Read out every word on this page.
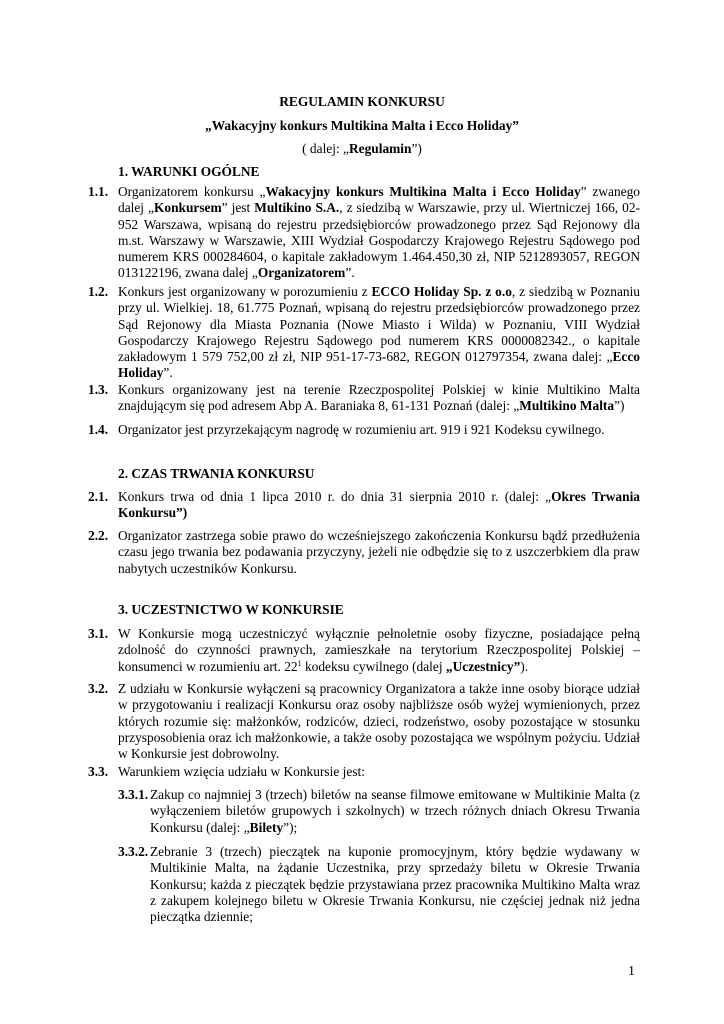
REGULAMIN KONKURSU
„Wakacyjny konkurs Multikina Malta i Ecco Holiday”
( dalej: „Regulamin”)
1. WARUNKI OGÓLNE
1.1. Organizatorem konkursu „Wakacyjny konkurs Multikina Malta i Ecco Holiday” zwanego dalej „Konkursem” jest Multikino S.A., z siedzibą w Warszawie, przy ul. Wiertniczej 166, 02-952 Warszawa, wpisaną do rejestru przedsiębiorców prowadzonego przez Sąd Rejonowy dla m.st. Warszawy w Warszawie, XIII Wydział Gospodarczy Krajowego Rejestru Sądowego pod numerem KRS 000284604, o kapitale zakładowym 1.464.450,30 zł, NIP 5212893057, REGON 013122196, zwana dalej „Organizatorem”.
1.2. Konkurs jest organizowany w porozumieniu z ECCO Holiday Sp. z o.o, z siedzibą w Poznaniu przy ul. Wielkiej. 18, 61.775 Poznań, wpisaną do rejestru przedsiębiorców prowadzonego przez Sąd Rejonowy dla Miasta Poznania (Nowe Miasto i Wilda) w Poznaniu, VIII Wydział Gospodarczy Krajowego Rejestru Sądowego pod numerem KRS 0000082342., o kapitale zakładowym 1 579 752,00 zł zł, NIP 951-17-73-682, REGON 012797354, zwana dalej: „Ecco Holiday”.
1.3. Konkurs organizowany jest na terenie Rzeczpospolitej Polskiej w kinie Multikino Malta znajdującym się pod adresem Abp A. Baraniaka 8, 61-131 Poznań (dalej: „Multikino Malta”)
1.4. Organizator jest przyrzekającym nagrodę w rozumieniu art. 919 i 921 Kodeksu cywilnego.
2. CZAS TRWANIA KONKURSU
2.1. Konkurs trwa od dnia 1 lipca 2010 r. do dnia 31 sierpnia 2010 r. (dalej: „Okres Trwania Konkursu”)
2.2. Organizator zastrzega sobie prawo do wcześniejszego zakończenia Konkursu bądź przedłużenia czasu jego trwania bez podawania przyczyny, jeżeli nie odbędzie się to z uszczerbkiem dla praw nabytych uczestników Konkursu.
3. UCZESTNICTWO W KONKURSIE
3.1. W Konkursie mogą uczestniczyć wyłącznie pełnoletnie osoby fizyczne, posiadające pełną zdolność do czynności prawnych, zamieszkałe na terytorium Rzeczpospolitej Polskiej – konsumenci w rozumieniu art. $22^1$ kodeksu cywilnego (dalej „Uczestnicy”).
3.2. Z udziału w Konkursie wyłączeni są pracownicy Organizatora a także inne osoby biorące udział w przygotowaniu i realizacji Konkursu oraz osoby najbliższe osób wyżej wymienionych, przez których rozumie się: małżonków, rodziców, dzieci, rodzeństwo, osoby pozostające w stosunku przysposobienia oraz ich małżonkowie, a także osoby pozostająca we wspólnym pożyciu. Udział w Konkursie jest dobrowolny.
3.3. Warunkiem wzięcia udziału w Konkursie jest:
3.3.1. Zakup co najmniej 3 (trzech) biletów na seanse filmowe emitowane w Multikinie Malta (z wyłączeniem biletów grupowych i szkolnych) w trzech różnych dniach Okresu Trwania Konkursu (dalej: „Bilety”);
3.3.2. Zebranie 3 (trzech) pieczątek na kuponie promocyjnym, który będzie wydawany w Multikinie Malta, na żądanie Uczestnika, przy sprzedaży biletu w Okresie Trwania Konkursu; każda z pieczątek będzie przystawiana przez pracownika Multikino Malta wraz z zakupem kolejnego biletu w Okresie Trwania Konkursu, nie częściej jednak niż jedna pieczątka dziennie;
1
